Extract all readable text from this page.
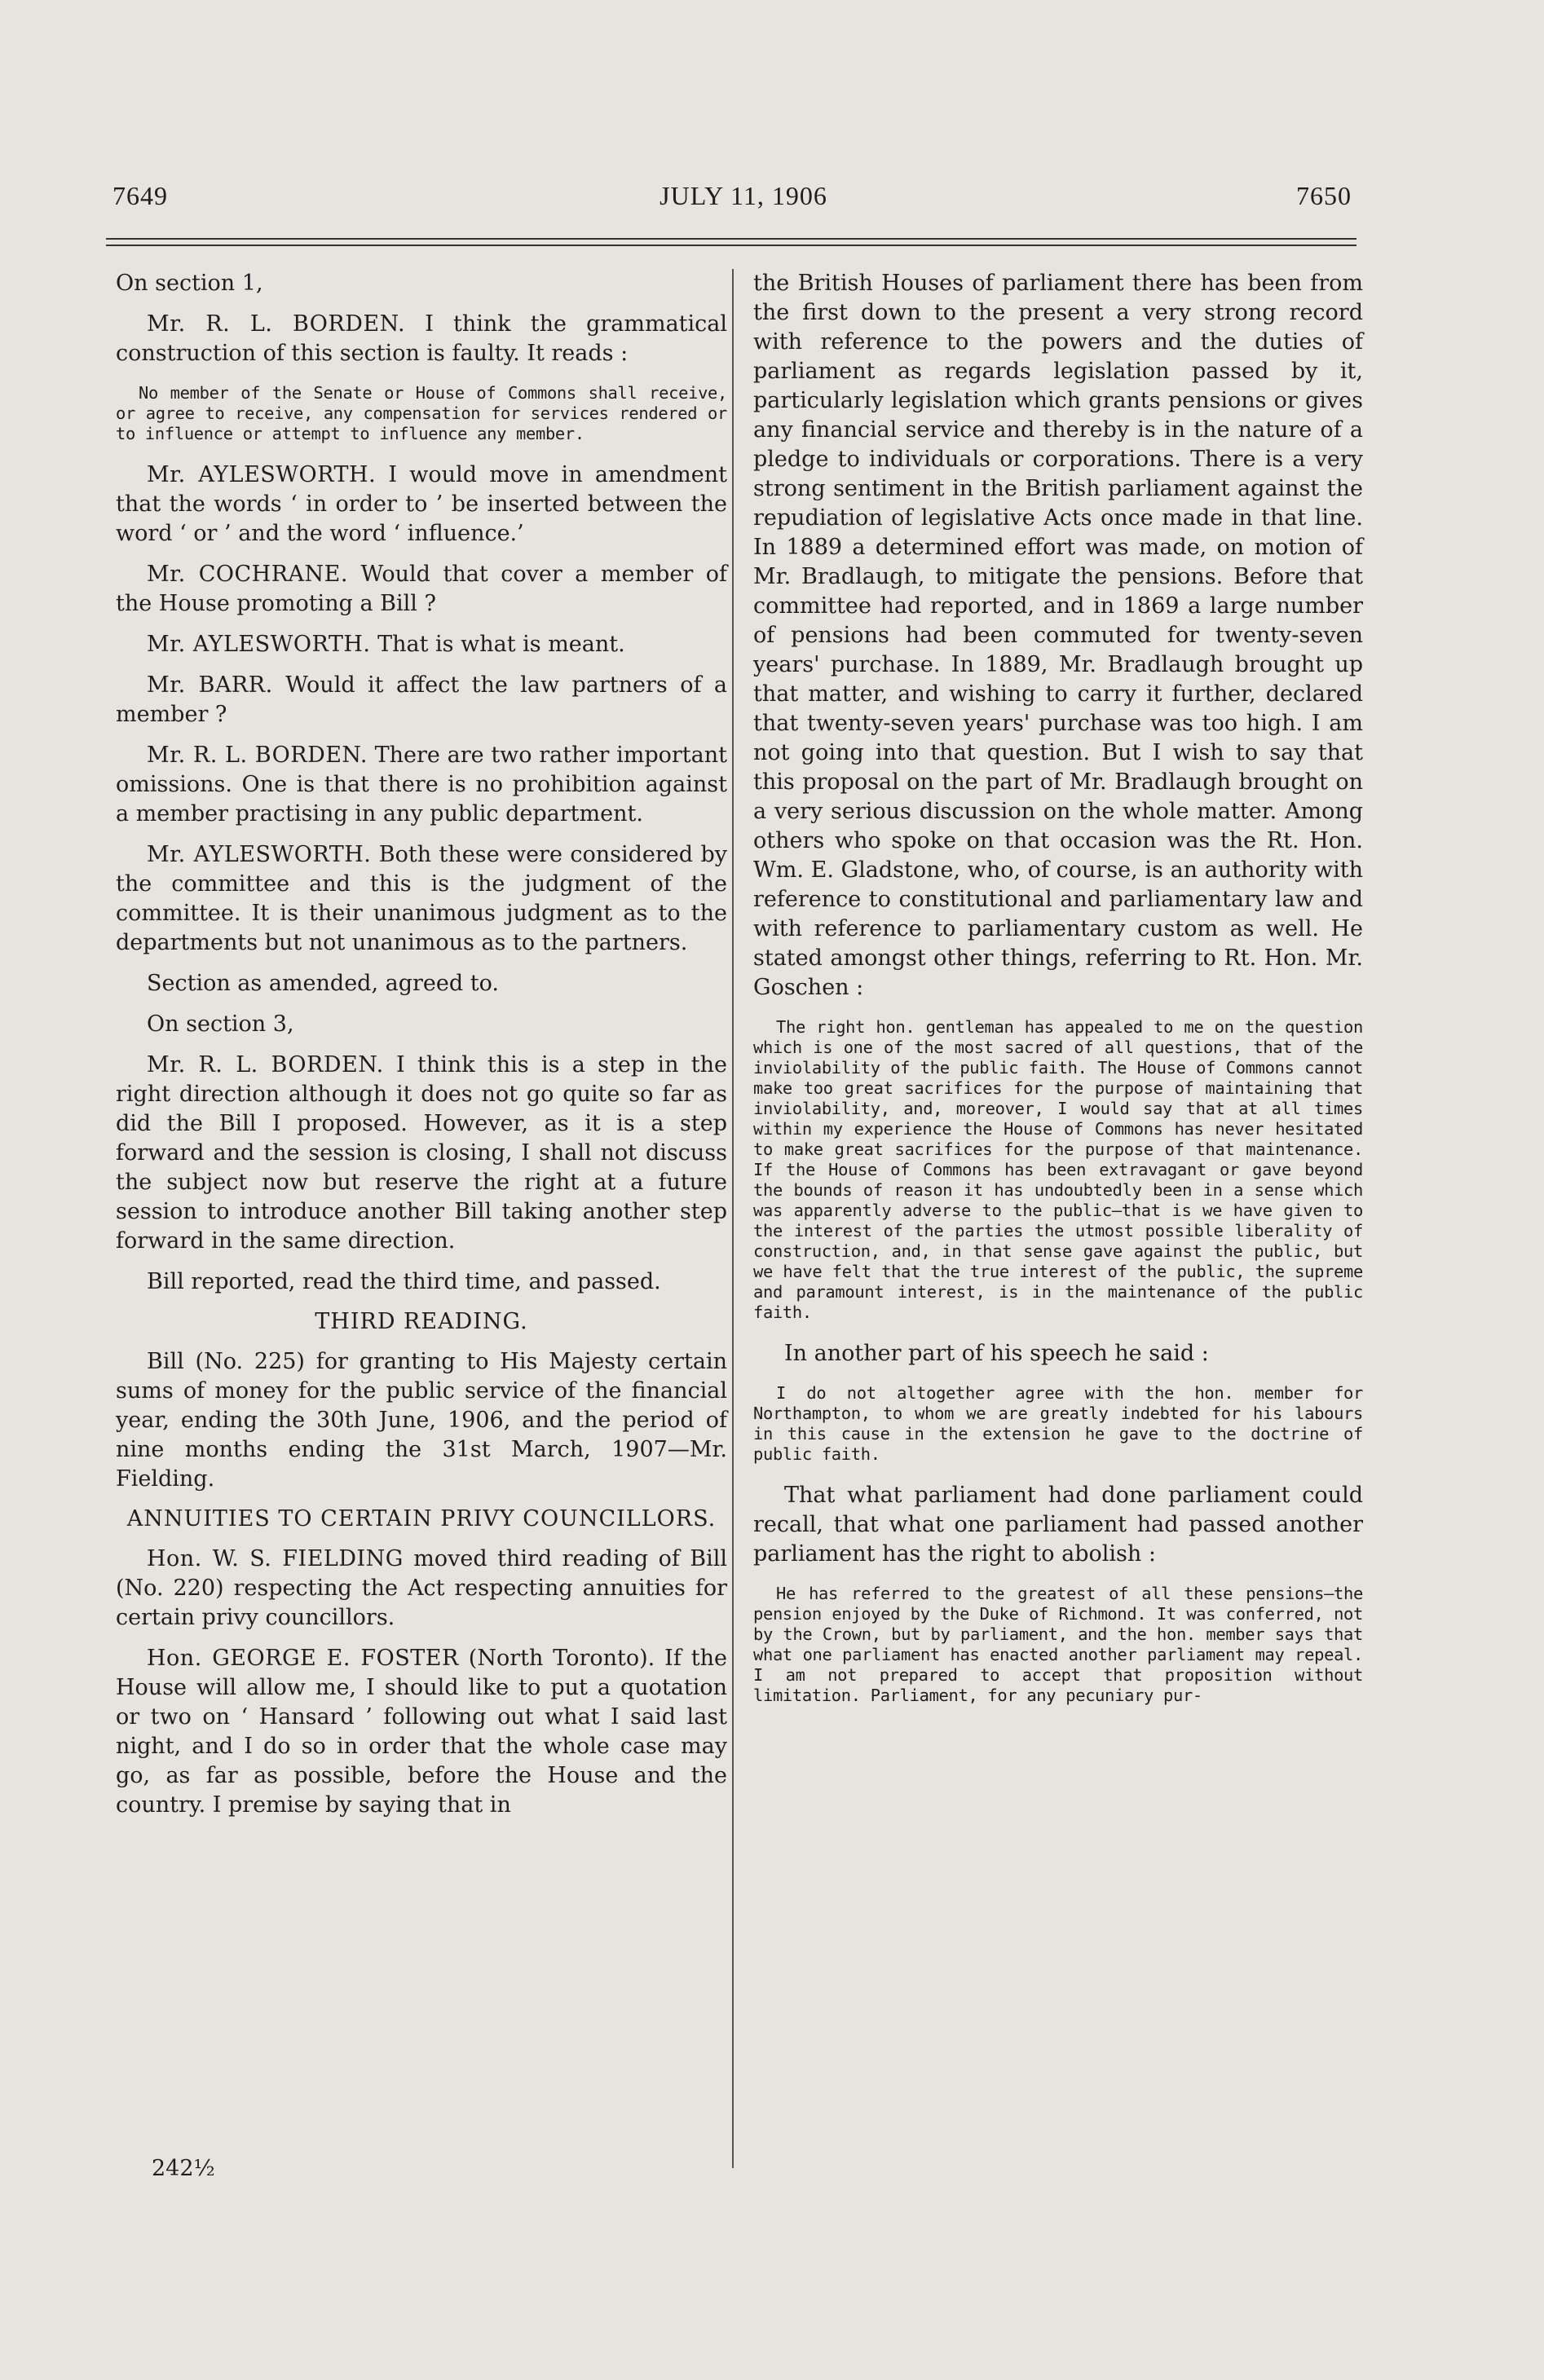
7649	JULY 11, 1906	7650

On section 1,

Mr. R. L. BORDEN. I think the grammatical construction of this section is faulty. It reads :

No member of the Senate or House of Commons shall receive, or agree to receive, any compensation for services rendered or to influence or attempt to influence any member.

Mr. AYLESWORTH. I would move in amendment that the words ‘ in order to ’ be inserted between the word ‘ or ’ and the word ‘ influence.’

Mr. COCHRANE. Would that cover a member of the House promoting a Bill ?

Mr. AYLESWORTH. That is what is meant.

Mr. BARR. Would it affect the law partners of a member ?

Mr. R. L. BORDEN. There are two rather important omissions. One is that there is no prohibition against a member practising in any public department.

Mr. AYLESWORTH. Both these were considered by the committee and this is the judgment of the committee. It is their unanimous judgment as to the departments but not unanimous as to the partners.

Section as amended, agreed to.

On section 3,

Mr. R. L. BORDEN. I think this is a step in the right direction although it does not go quite so far as did the Bill I proposed. However, as it is a step forward and the session is closing, I shall not discuss the subject now but reserve the right at a future session to introduce another Bill taking another step forward in the same direction.

Bill reported, read the third time, and passed.

THIRD READING.

Bill (No. 225) for granting to His Majesty certain sums of money for the public service of the financial year, ending the 30th June, 1906, and the period of nine months ending the 31st March, 1907—Mr. Fielding.

ANNUITIES TO CERTAIN PRIVY COUNCILLORS.

Hon. W. S. FIELDING moved third reading of Bill (No. 220) respecting the Act respecting annuities for certain privy councillors.

Hon. GEORGE E. FOSTER (North Toronto). If the House will allow me, I should like to put a quotation or two on ‘ Hansard ’ following out what I said last night, and I do so in order that the whole case may go, as far as possible, before the House and the country. I premise by saying that in

the British Houses of parliament there has been from the first down to the present a very strong record with reference to the powers and the duties of parliament as regards legislation passed by it, particularly legislation which grants pensions or gives any financial service and thereby is in the nature of a pledge to individuals or corporations. There is a very strong sentiment in the British parliament against the repudiation of legislative Acts once made in that line. In 1889 a determined effort was made, on motion of Mr. Bradlaugh, to mitigate the pensions. Before that committee had reported, and in 1869 a large number of pensions had been commuted for twenty-seven years' purchase. In 1889, Mr. Bradlaugh brought up that matter, and wishing to carry it further, declared that twenty-seven years' purchase was too high. I am not going into that question. But I wish to say that this proposal on the part of Mr. Bradlaugh brought on a very serious discussion on the whole matter. Among others who spoke on that occasion was the Rt. Hon. Wm. E. Gladstone, who, of course, is an authority with reference to constitutional and parliamentary law and with reference to parliamentary custom as well. He stated amongst other things, referring to Rt. Hon. Mr. Goschen :

The right hon. gentleman has appealed to me on the question which is one of the most sacred of all questions, that of the inviolability of the public faith. The House of Commons cannot make too great sacrifices for the purpose of maintaining that inviolability, and, moreover, I would say that at all times within my experience the House of Commons has never hesitated to make great sacrifices for the purpose of that maintenance. If the House of Commons has been extravagant or gave beyond the bounds of reason it has undoubtedly been in a sense which was apparently adverse to the public—that is we have given to the interest of the parties the utmost possible liberality of construction, and, in that sense gave against the public, but we have felt that the true interest of the public, the supreme and paramount interest, is in the maintenance of the public faith.

In another part of his speech he said :

I do not altogether agree with the hon. member for Northampton, to whom we are greatly indebted for his labours in this cause in the extension he gave to the doctrine of public faith.

That what parliament had done parliament could recall, that what one parliament had passed another parliament has the right to abolish :

He has referred to the greatest of all these pensions—the pension enjoyed by the Duke of Richmond. It was conferred, not by the Crown, but by parliament, and the hon. member says that what one parliament has enacted another parliament may repeal. I am not prepared to accept that proposition without limitation. Parliament, for any pecuniary pur-

242½
